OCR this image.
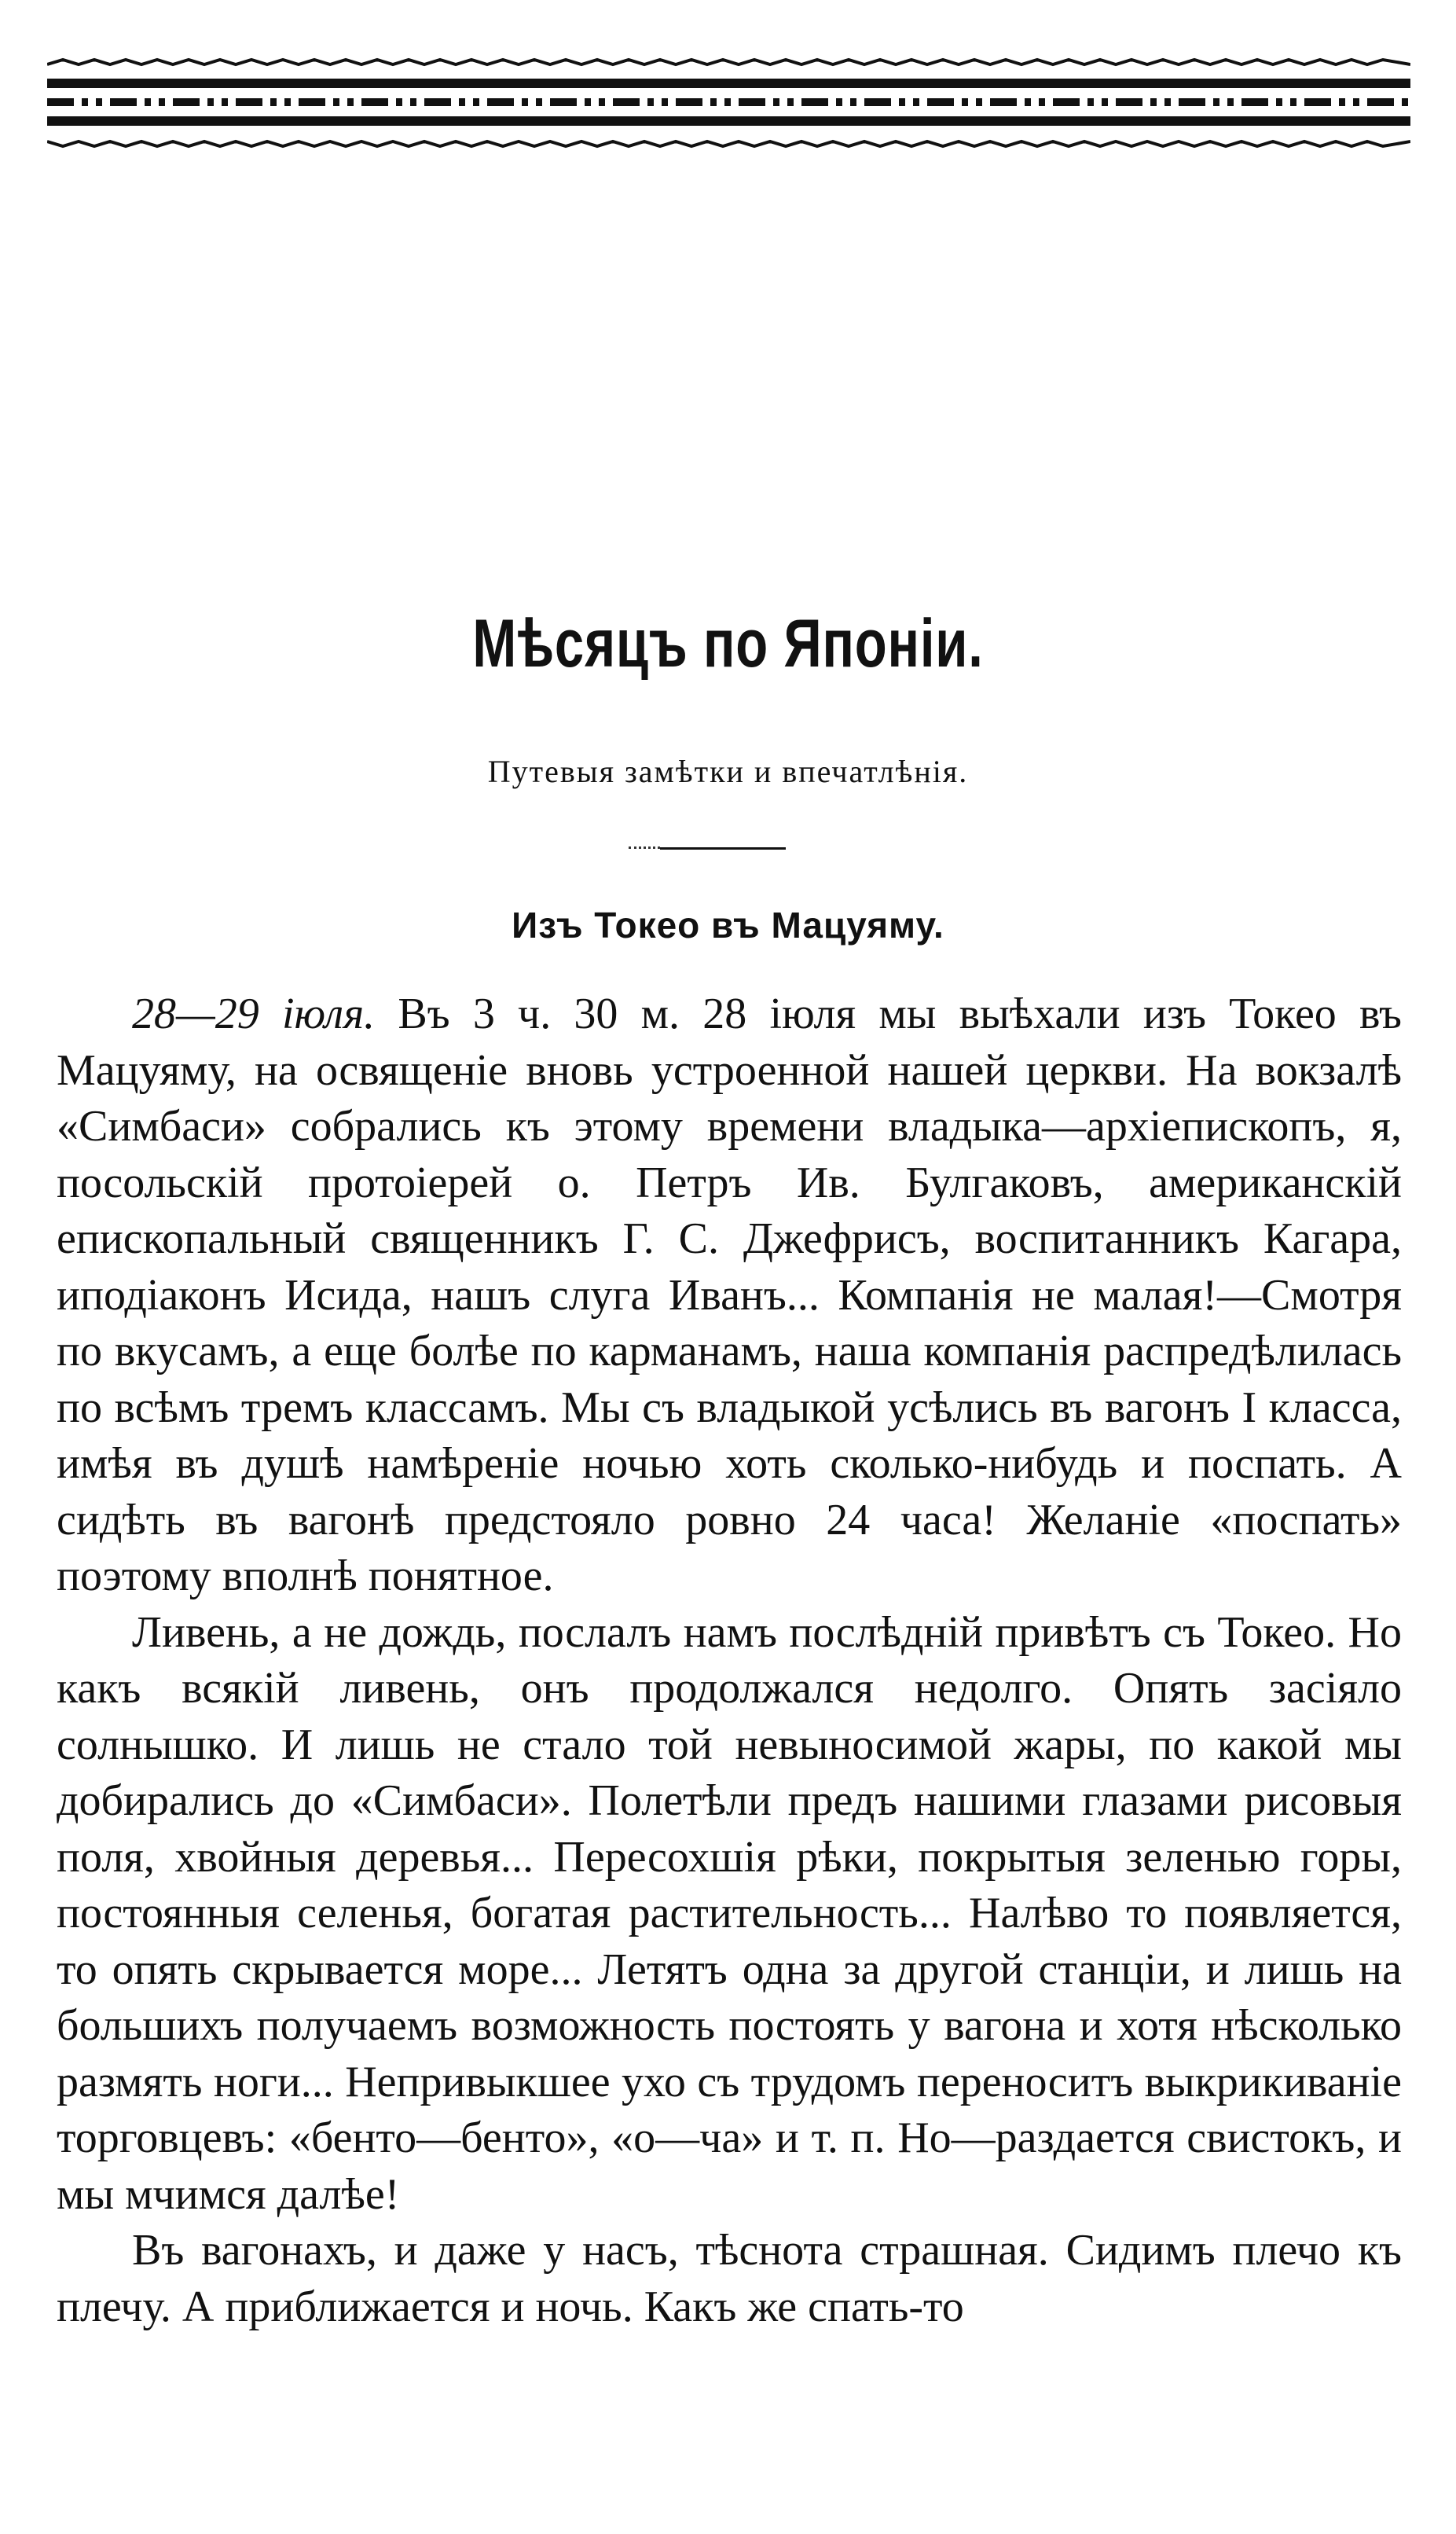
Мѣсяцъ по Японіи.
Путевыя замѣтки и впечатлѣнія.
Изъ Токео въ Мацуяму.

28—29 іюля. Въ 3 ч. 30 м. 28 іюля мы выѣхали изъ Токео въ Мацуяму, на освященіе вновь устроенной нашей церкви. На вокзалѣ «Симбаси» собрались къ этому времени владыка—архіепископъ, я, посольскій протоіерей о. Петръ Ив. Булгаковъ, американскій епископальный священникъ Г. С. Джефрисъ, воспитанникъ Кагара, иподіаконъ Исида, нашъ слуга Иванъ... Компанія не малая!—Смотря по вкусамъ, а еще болѣе по карманамъ, наша компанія распредѣлилась по всѣмъ тремъ классамъ. Мы съ владыкой усѣлись въ вагонъ I класса, имѣя въ душѣ намѣреніе ночью хоть сколько-нибудь и поспать. А сидѣть въ вагонѣ предстояло ровно 24 часа! Желаніе «поспать» поэтому вполнѣ понятное.

Ливень, а не дождь, послалъ намъ послѣдній привѣтъ съ Токео. Но какъ всякій ливень, онъ продолжался недолго. Опять засіяло солнышко. И лишь не стало той невыносимой жары, по какой мы добирались до «Симбаси». Полетѣли предъ нашими глазами рисовыя поля, хвойныя деревья... Пересохшія рѣки, покрытыя зеленью горы, постоянныя селенья, богатая растительность... Налѣво то появляется, то опять скрывается море... Летятъ одна за другой станціи, и лишь на большихъ получаемъ возможность постоять у вагона и хотя нѣсколько размять ноги... Непривыкшее ухо съ трудомъ переноситъ выкрикиваніе торговцевъ: «бенто—бенто», «о—ча» и т. п. Но—раздается свистокъ, и мы мчимся далѣе!

Въ вагонахъ, и даже у насъ, тѣснота страшная. Сидимъ плечо къ плечу. А приближается и ночь. Какъ же спать-то
